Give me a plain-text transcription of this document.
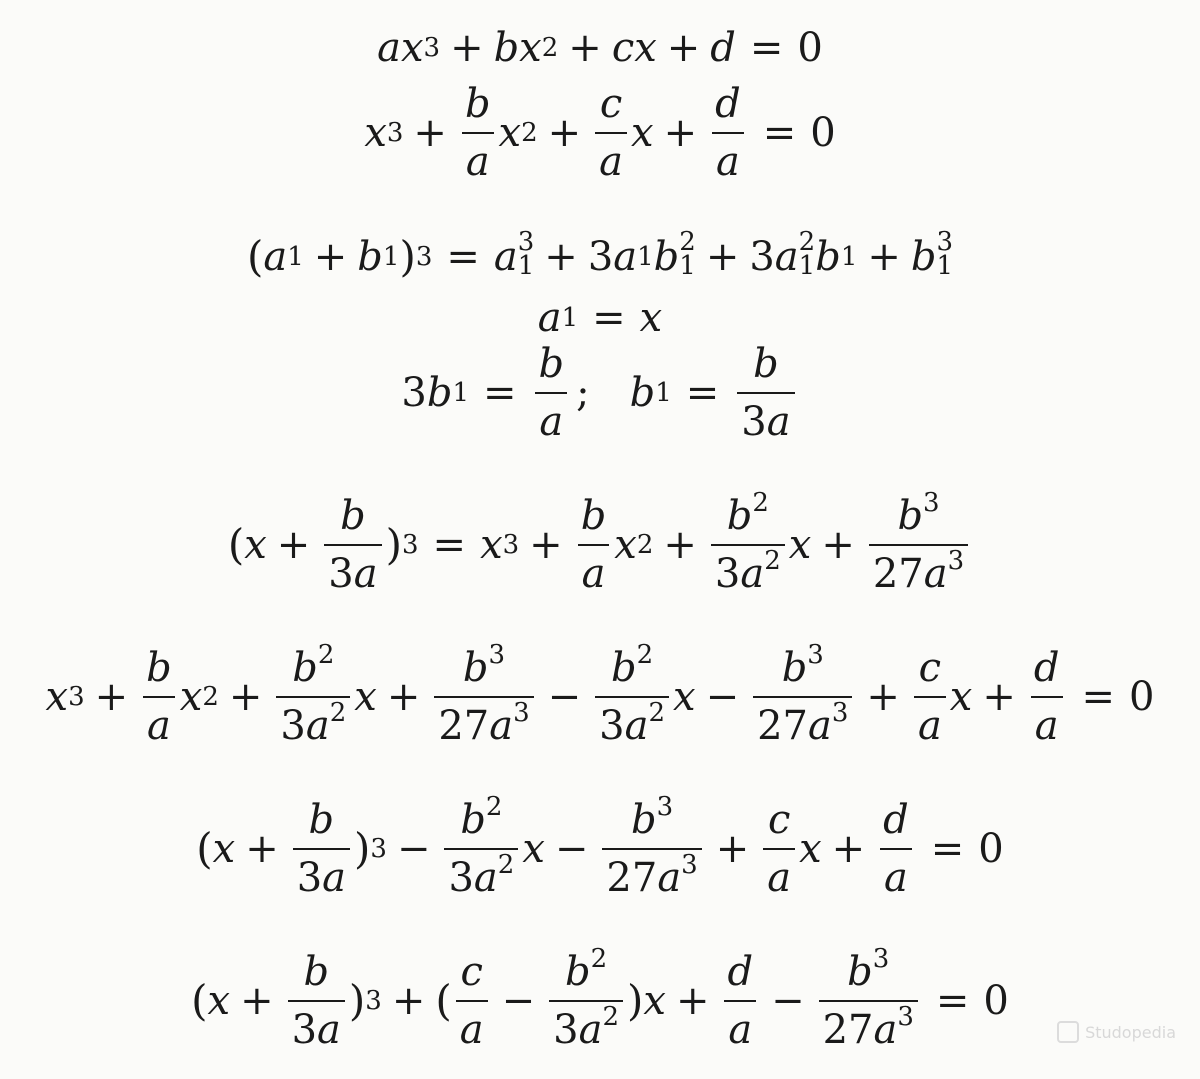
ax 3 + bx 2 + cx + d = 0
x $3 + \frac{b}{a}$ x $2 + \frac{c}{a}$ $x + \frac{d}{a} = 0$
( a 1 + b 1 ) 3 = a 3
1 + 3 a 1 b 2
1 + 3 a 2
1 b 1 + b 3
1
a 1 = x
3 b $1 = \frac{b}{a}$ ; b $1 = \frac{b}{3a}$
( $x + \frac{b}{3a}$ ) 3 = x $3 + \frac{b}{a}$ x $2 + \frac{b^2}{3a^2}$ $x + \frac{b^3}{27a^3}$
x $3 + \frac{b}{a}$ x $2 + \frac{b^2}{3a^2}$ $x + \frac{b^3}{27a^3} - \frac{b^2}{3a^2}$ $x - \frac{b^3}{27a^3} + \frac{c}{a}$ $x + \frac{d}{a} = 0$
( $x + \frac{b}{3a}$ ) $3 - \frac{b^2}{3a^2}$ $x - \frac{b^3}{27a^3} + \frac{c}{a}$ $x + \frac{d}{a} = 0$
( $x + \frac{b}{3a}$ ) 3 + ( $\frac{c}{a} - \frac{b^2}{3a^2}$ ) $x + \frac{d}{a} - \frac{b^3}{27a^3} = 0$
Studopedia
